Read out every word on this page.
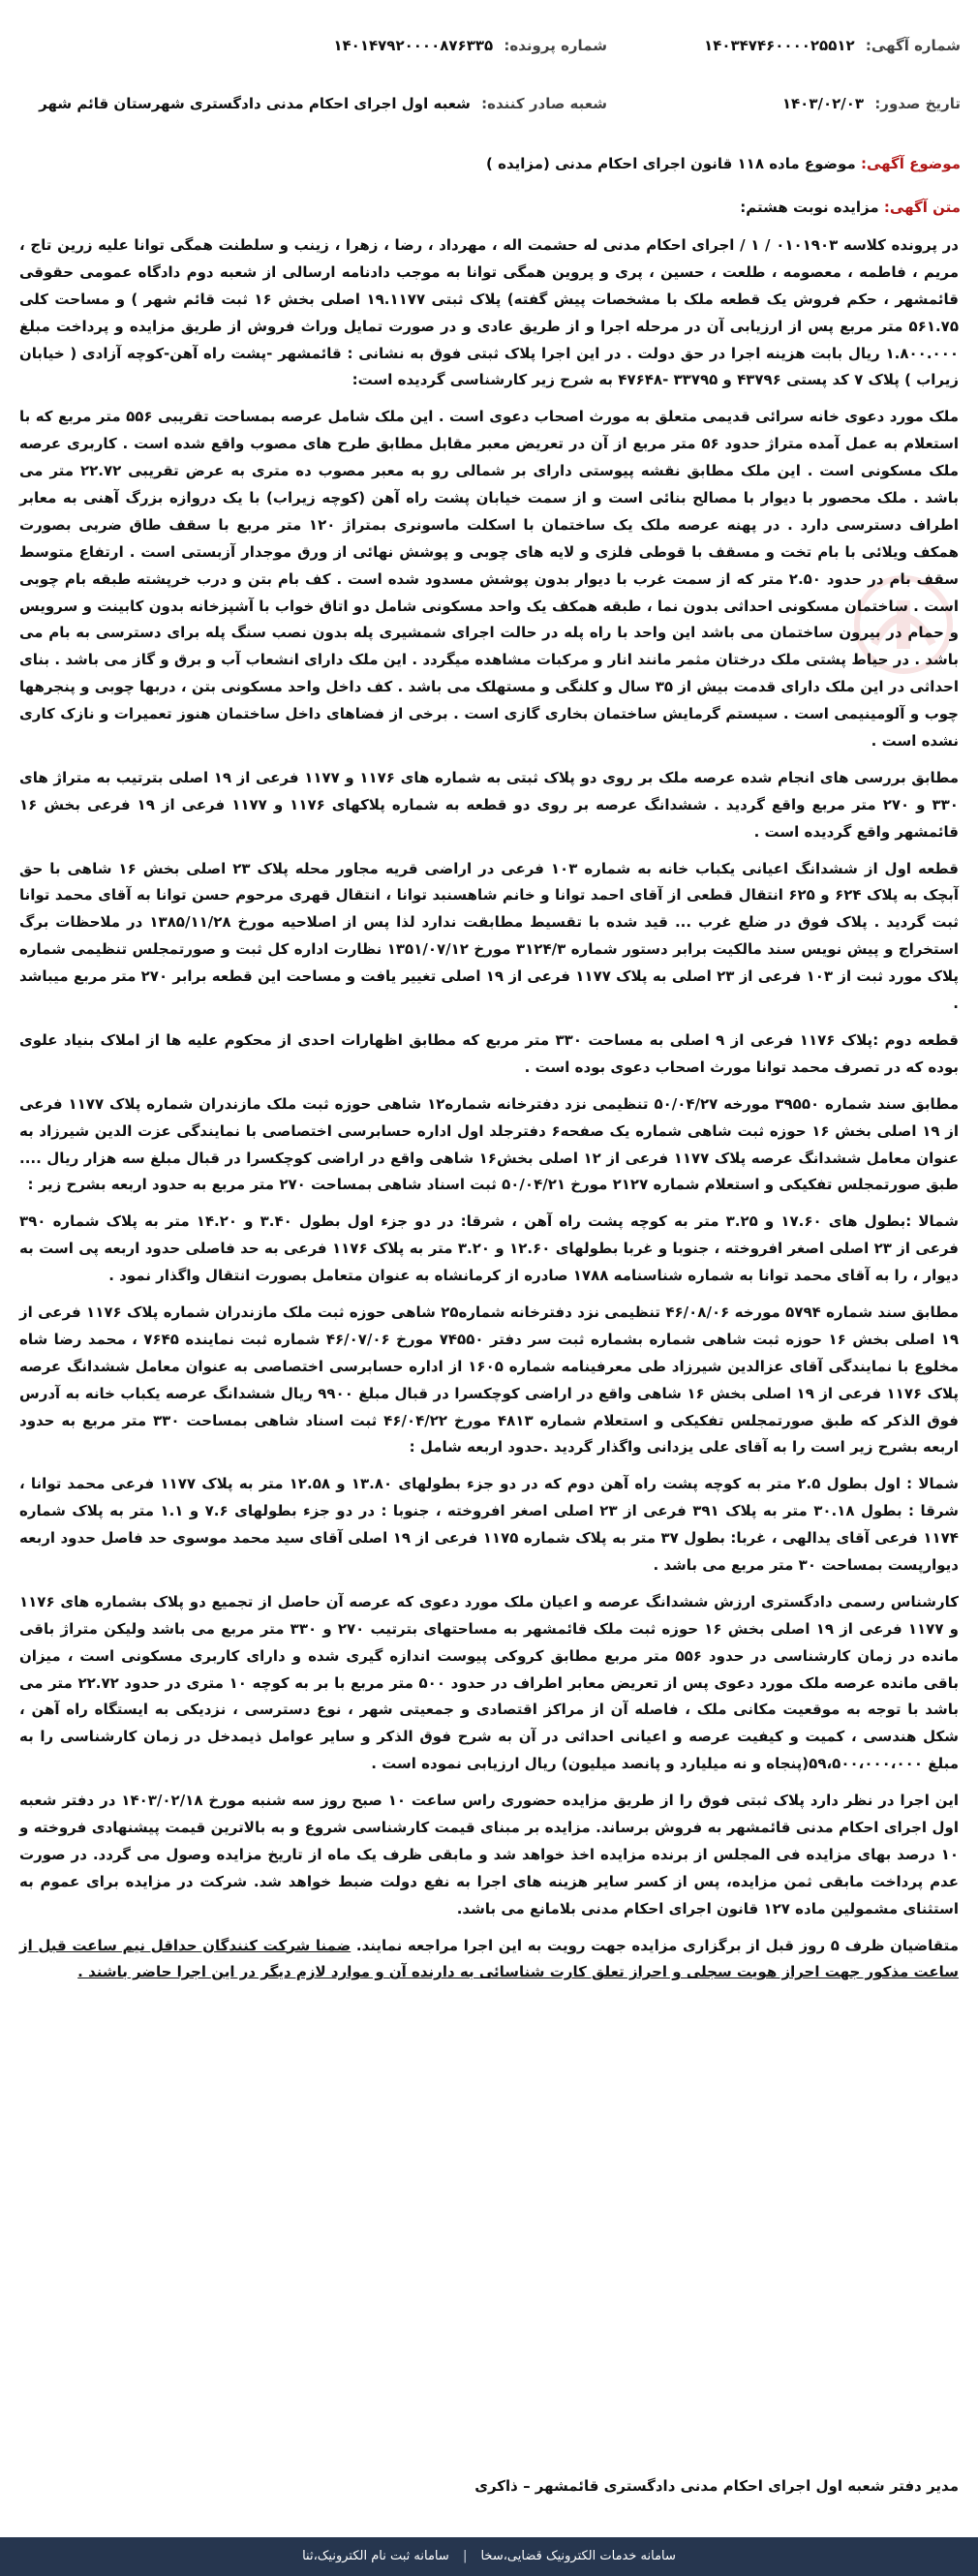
شماره آگهی: ۱۴۰۳۴۷۴۶۰۰۰۰۲۵۵۱۲
شماره پرونده: ۱۴۰۱۴۷۹۲۰۰۰۰۸۷۶۳۳۵
تاریخ صدور: ۱۴۰۳/۰۲/۰۳
شعبه صادر کننده: شعبه اول اجرای احکام مدنی دادگستری شهرستان قائم شهر
موضوع آگهی: موضوع ماده ۱۱۸ قانون اجرای احکام مدنی (مزایده )
متن آگهی: مزایده نوبت هشتم:

در پرونده کلاسه ۰۱۰۱۹۰۳ / ۱ / اجرای احکام مدنی له حشمت اله ، مهرداد ، رضا ، زهرا ، زینب و سلطنت همگی توانا علیه زرین تاج ، مریم ، فاطمه ، معصومه ، طلعت ، حسین ، پری و پروین همگی توانا به موجب دادنامه ارسالی از شعبه دوم دادگاه عمومی حقوقی قائمشهر ، حکم فروش یک قطعه ملک با مشخصات پیش گفته) پلاک ثبتی ۱۹.۱۱۷۷ اصلی بخش ۱۶ ثبت قائم شهر ) و مساحت کلی ۵۶۱.۷۵ متر مربع پس از ارزیابی آن در مرحله اجرا و از طریق عادی و در صورت تمایل وراث فروش از طریق مزایده و پرداخت مبلغ ۱.۸۰۰.۰۰۰ ریال بابت هزینه اجرا در حق دولت . در این اجرا پلاک ثبتی فوق به نشانی : قائمشهر -پشت راه آهن-کوچه آزادی ( خیابان زیراب ) پلاک ۷ کد پستی ۴۳۷۹۶ و ۳۳۷۹۵ -۴۷۶۴۸ به شرح زیر کارشناسی گردیده است:

ملک مورد دعوی خانه سرائی قدیمی متعلق به مورث اصحاب دعوی است . این ملک شامل عرصه بمساحت تقریبی ۵۵۶ متر مربع که با استعلام به عمل آمده متراژ حدود ۵۶ متر مربع از آن در تعریض معبر مقابل مطابق طرح های مصوب واقع شده است . کاربری عرصه ملک مسکونی است . این ملک مطابق نقشه پیوستی دارای بر شمالی رو به معبر مصوب ده متری به عرض تقریبی ۲۲.۷۲ متر می باشد . ملک محصور با دیوار با مصالح بنائی است و از سمت خیابان پشت راه آهن (کوچه زیراب) با یک دروازه بزرگ آهنی به معابر اطراف دسترسی دارد . در پهنه عرصه ملک یک ساختمان با اسکلت ماسونری بمتراژ ۱۲۰ متر مربع با سقف طاق ضربی بصورت همکف ویلائی با بام تخت و مسقف با قوطی فلزی و لایه های چوبی و پوشش نهائی از ورق موجدار آزبستی است . ارتفاع متوسط سقف بام در حدود ۲.۵۰ متر که از سمت غرب با دیوار بدون پوشش مسدود شده است . کف بام بتن و درب خرپشته طبقه بام چوبی است . ساختمان مسکونی احداثی بدون نما ، طبقه همکف یک واحد مسکونی شامل دو اتاق خواب با آشپزخانه بدون کابینت و سرویس و حمام در بیرون ساختمان می باشد این واحد با راه پله در حالت اجرای شمشیری پله بدون نصب سنگ پله برای دسترسی به بام می باشد . در حیاط پشتی ملک درختان مثمر مانند انار و مرکبات مشاهده میگردد . این ملک دارای انشعاب آب و برق و گاز می باشد . بنای احداثی در این ملک دارای قدمت بیش از ۳۵ سال و کلنگی و مستهلک می باشد . کف داخل واحد مسکونی بتن ، دربها چوبی و پنجرهها چوب و آلومینیمی است . سیستم گرمایش ساختمان بخاری گازی است . برخی از فضاهای داخل ساختمان هنوز تعمیرات و نازک کاری نشده است .

مطابق بررسی های انجام شده عرصه ملک بر روی دو پلاک ثبتی به شماره های ۱۱۷۶ و ۱۱۷۷ فرعی از ۱۹ اصلی بترتیب به متراژ های ۳۳۰ و ۲۷۰ متر مربع واقع گردید . ششدانگ عرصه بر روی دو قطعه به شماره پلاکهای ۱۱۷۶ و ۱۱۷۷ فرعی از ۱۹ فرعی بخش ۱۶ قائمشهر واقع گردیده است .

قطعه اول از ششدانگ اعیانی یکباب خانه به شماره ۱۰۳ فرعی در اراضی قریه مجاور محله پلاک ۲۳ اصلی بخش ۱۶ شاهی با حق آبچک به پلاک ۶۲۴ و ۶۲۵ انتقال قطعی از آقای احمد توانا و خانم شاهسنبد توانا ، انتقال قهری مرحوم حسن توانا به آقای محمد توانا ثبت گردید . پلاک فوق در ضلع غرب ... قید شده با تقسیط مطابقت ندارد لذا پس از اصلاحیه مورخ ۱۳۸۵/۱۱/۲۸ در ملاحظات برگ استخراج و پیش نویس سند مالکیت برابر دستور شماره ۳۱۲۴/۳ مورخ ۱۳۵۱/۰۷/۱۲ نظارت اداره کل ثبت و صورتمجلس تنظیمی شماره پلاک مورد ثبت از ۱۰۳ فرعی از ۲۳ اصلی به پلاک ۱۱۷۷ فرعی از ۱۹ اصلی تغییر یافت و مساحت این قطعه برابر ۲۷۰ متر مربع میباشد .

قطعه دوم :پلاک ۱۱۷۶ فرعی از ۹ اصلی به مساحت ۳۳۰ متر مربع که مطابق اظهارات احدی از محکوم علیه ها از املاک بنیاد علوی بوده که در تصرف محمد توانا مورث اصحاب دعوی بوده است .

مطابق سند شماره ۳۹۵۵۰ مورخه ۵۰/۰۴/۲۷ تنظیمی نزد دفترخانه شماره۱۲ شاهی حوزه ثبت ملک مازندران شماره پلاک ۱۱۷۷ فرعی از ۱۹ اصلی بخش ۱۶ حوزه ثبت شاهی شماره یک صفحه۶ دفترجلد اول اداره حسابرسی اختصاصی با نمایندگی عزت الدین شیرزاد به عنوان معامل ششدانگ عرصه پلاک ۱۱۷۷ فرعی از ۱۲ اصلی بخش۱۶ شاهی واقع در اراضی کوچکسرا در قبال مبلغ سه هزار ریال .... طبق صورتمجلس تفکیکی و استعلام شماره ۲۱۲۷ مورخ ۵۰/۰۴/۲۱ ثبت اسناد شاهی بمساحت ۲۷۰ متر مربع به حدود اربعه بشرح زیر :

شمالا :بطول های ۱۷.۶۰ و ۳.۲۵ متر به کوچه پشت راه آهن ، شرقا: در دو جزء اول بطول ۳.۴۰ و ۱۴.۲۰ متر به پلاک شماره ۳۹۰ فرعی از ۲۳ اصلی اصغر افروخته ، جنوبا و غربا بطولهای ۱۲.۶۰ و ۳.۲۰ متر به پلاک ۱۱۷۶ فرعی به حد فاصلی حدود اربعه پی است به دیوار ، را به آقای محمد توانا به شماره شناسنامه ۱۷۸۸ صادره از کرمانشاه به عنوان متعامل بصورت انتقال واگذار نمود .

مطابق سند شماره ۵۷۹۴ مورخه ۴۶/۰۸/۰۶ تنظیمی نزد دفترخانه شماره۲۵ شاهی حوزه ثبت ملک مازندران شماره پلاک ۱۱۷۶ فرعی از ۱۹ اصلی بخش ۱۶ حوزه ثبت شاهی شماره بشماره ثبت سر دفتر ۷۴۵۵۰ مورخ ۴۶/۰۷/۰۶ شماره ثبت نماینده ۷۶۴۵ ، محمد رضا شاه مخلوع با نمایندگی آقای عزالدین شیرزاد طی معرفینامه شماره ۱۶۰۵ از اداره حسابرسی اختصاصی به عنوان معامل ششدانگ عرصه پلاک ۱۱۷۶ فرعی از ۱۹ اصلی بخش ۱۶ شاهی واقع در اراضی کوچکسرا در قبال مبلغ ۹۹۰۰ ریال ششدانگ عرصه یکباب خانه به آدرس فوق الذکر که طبق صورتمجلس تفکیکی و استعلام شماره ۴۸۱۳ مورخ ۴۶/۰۴/۲۲ ثبت اسناد شاهی بمساحت ۳۳۰ متر مربع به حدود اربعه بشرح زیر است را به آقای علی یزدانی واگذار گردید .حدود اربعه شامل :

شمالا : اول بطول ۲.۵ متر به کوچه پشت راه آهن دوم که در دو جزء بطولهای ۱۳.۸۰ و ۱۲.۵۸ متر به پلاک ۱۱۷۷ فرعی محمد توانا ، شرقا : بطول ۳۰.۱۸ متر به پلاک ۳۹۱ فرعی از ۲۳ اصلی اصغر افروخته ، جنوبا : در دو جزء بطولهای ۷.۶ و ۱.۱ متر به پلاک شماره ۱۱۷۴ فرعی آقای یدالهی ، غربا: بطول ۳۷ متر به پلاک شماره ۱۱۷۵ فرعی از ۱۹ اصلی آقای سید محمد موسوی حد فاصل حدود اربعه دیوارپست بمساحت ۳۰ متر مربع می باشد .

کارشناس رسمی دادگستری ارزش ششدانگ عرصه و اعیان ملک مورد دعوی که عرصه آن حاصل از تجمیع دو پلاک بشماره های ۱۱۷۶ و ۱۱۷۷ فرعی از ۱۹ اصلی بخش ۱۶ حوزه ثبت ملک قائمشهر به مساحتهای بترتیب ۲۷۰ و ۳۳۰ متر مربع می باشد ولیکن متراژ باقی مانده در زمان کارشناسی در حدود ۵۵۶ متر مربع مطابق کروکی پیوست اندازه گیری شده و دارای کاربری مسکونی است ، میزان باقی مانده عرصه ملک مورد دعوی پس از تعریض معابر اطراف در حدود ۵۰۰ متر مربع با بر به کوچه ۱۰ متری در حدود ۲۲.۷۲ متر می باشد با توجه به موقعیت مکانی ملک ، فاصله آن از مراکز اقتصادی و جمعیتی شهر ، نوع دسترسی ، نزدیکی به ایستگاه راه آهن ، شکل هندسی ، کمیت و کیفیت عرصه و اعیانی احداثی در آن به شرح فوق الذکر و سایر عوامل ذیمدخل در زمان کارشناسی را به مبلغ ۵۹،۵۰۰،۰۰۰،۰۰۰(پنجاه و نه میلیارد و پانصد میلیون) ریال ارزیابی نموده است .

این اجرا در نظر دارد پلاک ثبتی فوق را از طریق مزایده حضوری راس ساعت ۱۰ صبح روز سه شنبه مورخ ۱۴۰۳/۰۲/۱۸ در دفتر شعبه اول اجرای احکام مدنی قائمشهر به فروش برساند. مزایده بر مبنای قیمت کارشناسی شروع و به بالاترین قیمت پیشنهادی فروخته و ۱۰ درصد بهای مزایده فی المجلس از برنده مزایده اخذ خواهد شد و مابقی ظرف یک ماه از تاریخ مزایده وصول می گردد. در صورت عدم پرداخت مابقی ثمن مزایده، پس از کسر سایر هزینه های اجرا به نفع دولت ضبط خواهد شد. شرکت در مزایده برای عموم به استثنای مشمولین ماده ۱۲۷ قانون اجرای احکام مدنی بلامانع می باشد.

متقاضیان ظرف ۵ روز قبل از برگزاری مزایده جهت رویت به این اجرا مراجعه نمایند. ضمنا شرکت کنندگان حداقل نیم ساعت قبل از ساعت مذکور جهت احراز هویت سجلی و احراز تعلق کارت شناسائی به دارنده آن و موارد لازم دیگر در این اجرا حاضر باشند .

مدیر دفتر شعبه اول اجرای احکام مدنی دادگستری قائمشهر – ذاکری
سامانه خدمات الکترونیک قضایی،سخا | سامانه ثبت نام الکترونیک،ثنا
